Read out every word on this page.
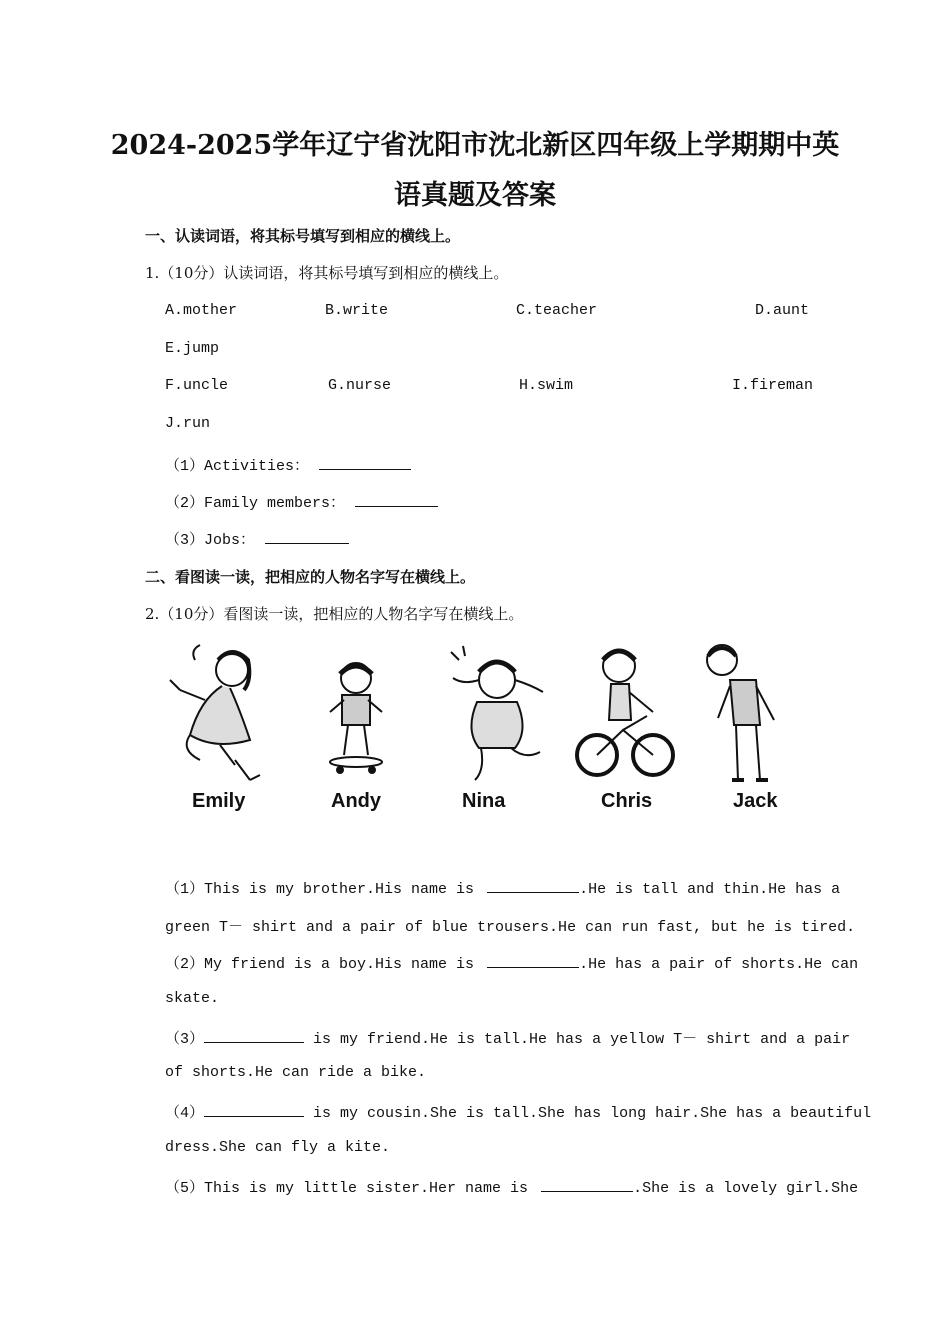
2024-2025学年辽宁省沈阳市沈北新区四年级上学期期中英
语真题及答案
一、认读词语，将其标号填写到相应的横线上。
1.（10分）认读词语，将其标号填写到相应的横线上。
A.mother	B.write	C.teacher	D.aunt
E.jump
F.uncle	G.nurse	H.swim	I.fireman
J.run
（1）Activities：
（2）Family members：
（3）Jobs：
二、看图读一读，把相应的人物名字写在横线上。
2.（10分）看图读一读，把相应的人物名字写在横线上。
Emily	Andy	Nina	Chris	Jack
（1）This is my brother.His name is	.He is tall and thin.He has a
green T－ shirt and a pair of blue trousers.He can run fast, but he is tired.
（2）My friend is a boy.His name is	.He has a pair of shorts.He can
skate.
（3）	is my friend.He is tall.He has a yellow T－ shirt and a pair
of shorts.He can ride a bike.
（4）	is my cousin.She is tall.She has long hair.She has a beautiful
dress.She can fly a kite.
（5）This is my little sister.Her name is	.She is a lovely girl.She
